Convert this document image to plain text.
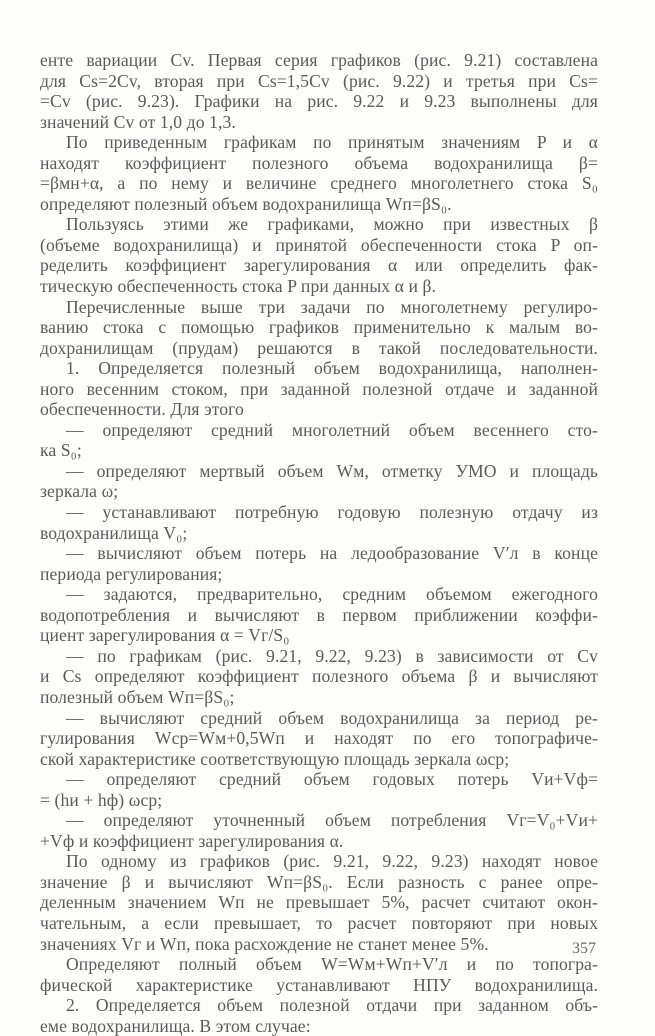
енте вариации Cv. Первая серия графиков (рис. 9.21) составлена
для Cs=2Cv, вторая при Cs=1,5Cv (рис. 9.22) и третья при Cs=
=Cv (рис. 9.23). Графики на рис. 9.22 и 9.23 выполнены для
значений Cv от 1,0 до 1,3.
По приведенным графикам по принятым значениям P и α
находят коэффициент полезного объема водохранилища β=
=βмн+α, а по нему и величине среднего многолетнего стока S₀
определяют полезный объем водохранилища Wп=βS₀.
Пользуясь этими же графиками, можно при известных β
(объеме водохранилища) и принятой обеспеченности стока P оп-
ределить коэффициент зарегулирования α или определить фак-
тическую обеспеченность стока P при данных α и β.
Перечисленные выше три задачи по многолетнему регулиро-
ванию стока с помощью графиков применительно к малым во-
дохранилищам (прудам) решаются в такой последовательности.
1. Определяется полезный объем водохранилища, наполнен-
ного весенним стоком, при заданной полезной отдаче и заданной
обеспеченности. Для этого
— определяют средний многолетний объем весеннего сто-
ка S₀;
— определяют мертвый объем Wм, отметку УМО и площадь
зеркала ω;
— устанавливают потребную годовую полезную отдачу из
водохранилища V₀;
— вычисляют объем потерь на ледообразование V′л в конце
периода регулирования;
— задаются, предварительно, средним объемом ежегодного
водопотребления и вычисляют в первом приближении коэффи-
циент зарегулирования α = Vг/S₀
— по графикам (рис. 9.21, 9.22, 9.23) в зависимости от Cv
и Cs определяют коэффициент полезного объема β и вычисляют
полезный объем Wп=βS₀;
— вычисляют средний объем водохранилища за период ре-
гулирования Wср=Wм+0,5Wп и находят по его топографиче-
ской характеристике соответствующую площадь зеркала ωср;
— определяют средний объем годовых потерь Vи+Vф=
= (hи + hф) ωср;
— определяют уточненный объем потребления Vг=V₀+Vи+
+Vф и коэффициент зарегулирования α.
По одному из графиков (рис. 9.21, 9.22, 9.23) находят новое
значение β и вычисляют Wп=βS₀. Если разность с ранее опре-
деленным значением Wп не превышает 5%, расчет считают окон-
чательным, а если превышает, то расчет повторяют при новых
значениях Vг и Wп, пока расхождение не станет менее 5%.
Определяют полный объем W=Wм+Wп+V′л и по топогра-
фической характеристике устанавливают НПУ водохранилища.
2. Определяется объем полезной отдачи при заданном объ-
еме водохранилища. В этом случае:
357
